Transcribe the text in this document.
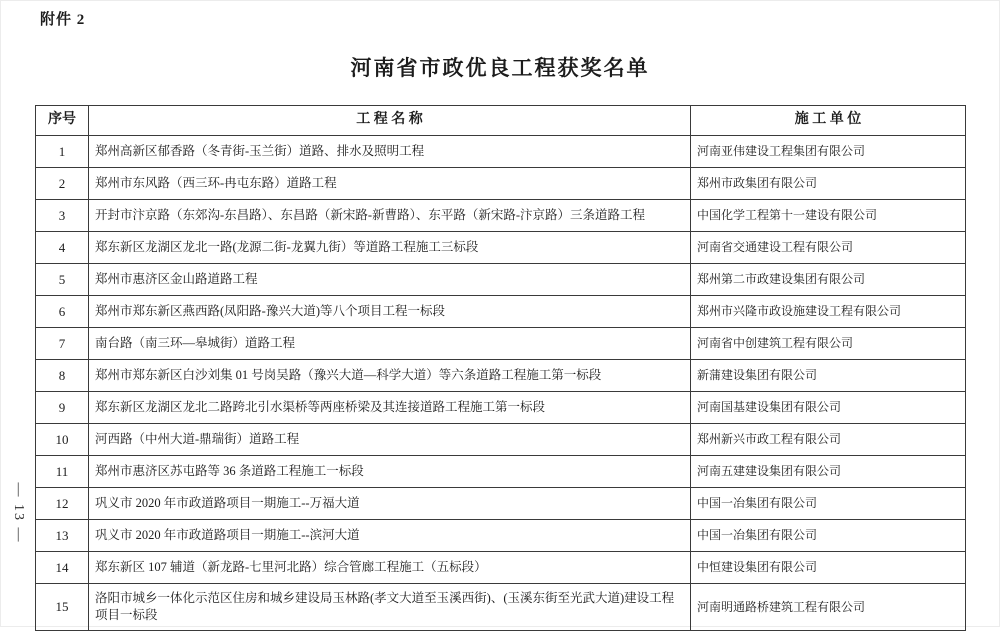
附件 2
河南省市政优良工程获奖名单
— 13 —
序号	工 程 名 称	施 工 单 位
1	郑州高新区郁香路（冬青街-玉兰街）道路、排水及照明工程	河南亚伟建设工程集团有限公司
2	郑州市东风路（西三环-冉屯东路）道路工程	郑州市政集团有限公司
3	开封市汴京路（东郊沟-东昌路）、东昌路（新宋路-新曹路）、东平路（新宋路-汴京路）三条道路工程	中国化学工程第十一建设有限公司
4	郑东新区龙湖区龙北一路(龙源二街-龙翼九街）等道路工程施工三标段	河南省交通建设工程有限公司
5	郑州市惠济区金山路道路工程	郑州第二市政建设集团有限公司
6	郑州市郑东新区燕西路(凤阳路-豫兴大道)等八个项目工程一标段	郑州市兴隆市政设施建设工程有限公司
7	南台路（南三环—皋城街）道路工程	河南省中创建筑工程有限公司
8	郑州市郑东新区白沙刘集 01 号岗吴路（豫兴大道—科学大道）等六条道路工程施工第一标段	新蒲建设集团有限公司
9	郑东新区龙湖区龙北二路跨北引水渠桥等两座桥梁及其连接道路工程施工第一标段	河南国基建设集团有限公司
10	河西路（中州大道-鼎瑞街）道路工程	郑州新兴市政工程有限公司
11	郑州市惠济区苏屯路等 36 条道路工程施工一标段	河南五建建设集团有限公司
12	巩义市 2020 年市政道路项目一期施工--万福大道	中国一冶集团有限公司
13	巩义市 2020 年市政道路项目一期施工--滨河大道	中国一冶集团有限公司
14	郑东新区 107 辅道（新龙路-七里河北路）综合管廊工程施工（五标段）	中恒建设集团有限公司
15	洛阳市城乡一体化示范区住房和城乡建设局玉林路(孝文大道至玉溪西街)、(玉溪东街至光武大道)建设工程项目一标段	河南明通路桥建筑工程有限公司
